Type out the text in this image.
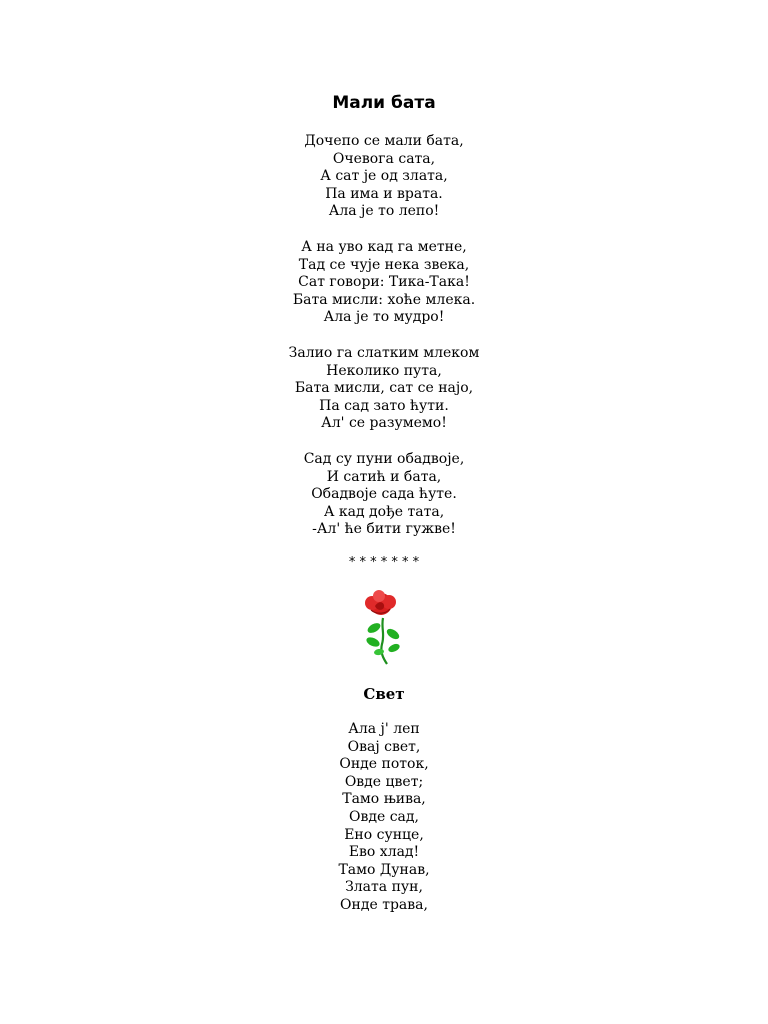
Мали бата
Дочепо се мали бата,
Очевога сата,
А сат је од злата,
Па има и врата.
Ала је то лепо!
А на уво кад га метне,
Тад се чује нека звека,
Сат говори: Тика-Така!
Бата мисли: хоће млека.
Ала је то мудро!
Залио га слатким млеком
Неколико пута,
Бата мисли, сат се најо,
Па сад зато ћути.
Ал' се разумемо!
Сад су пуни обадвоје,
И сатић и бата,
Обадвоје сада ћуте.
А кад дође тата,
-Ал' ће бити гужве!
* * * * * * *
Свет
Ала ј' леп
Овај свет,
Онде поток,
Овде цвет;
Тамо њива,
Овде сад,
Ено сунце,
Ево хлад!
Тамо Дунав,
Злата пун,
Онде трава,
